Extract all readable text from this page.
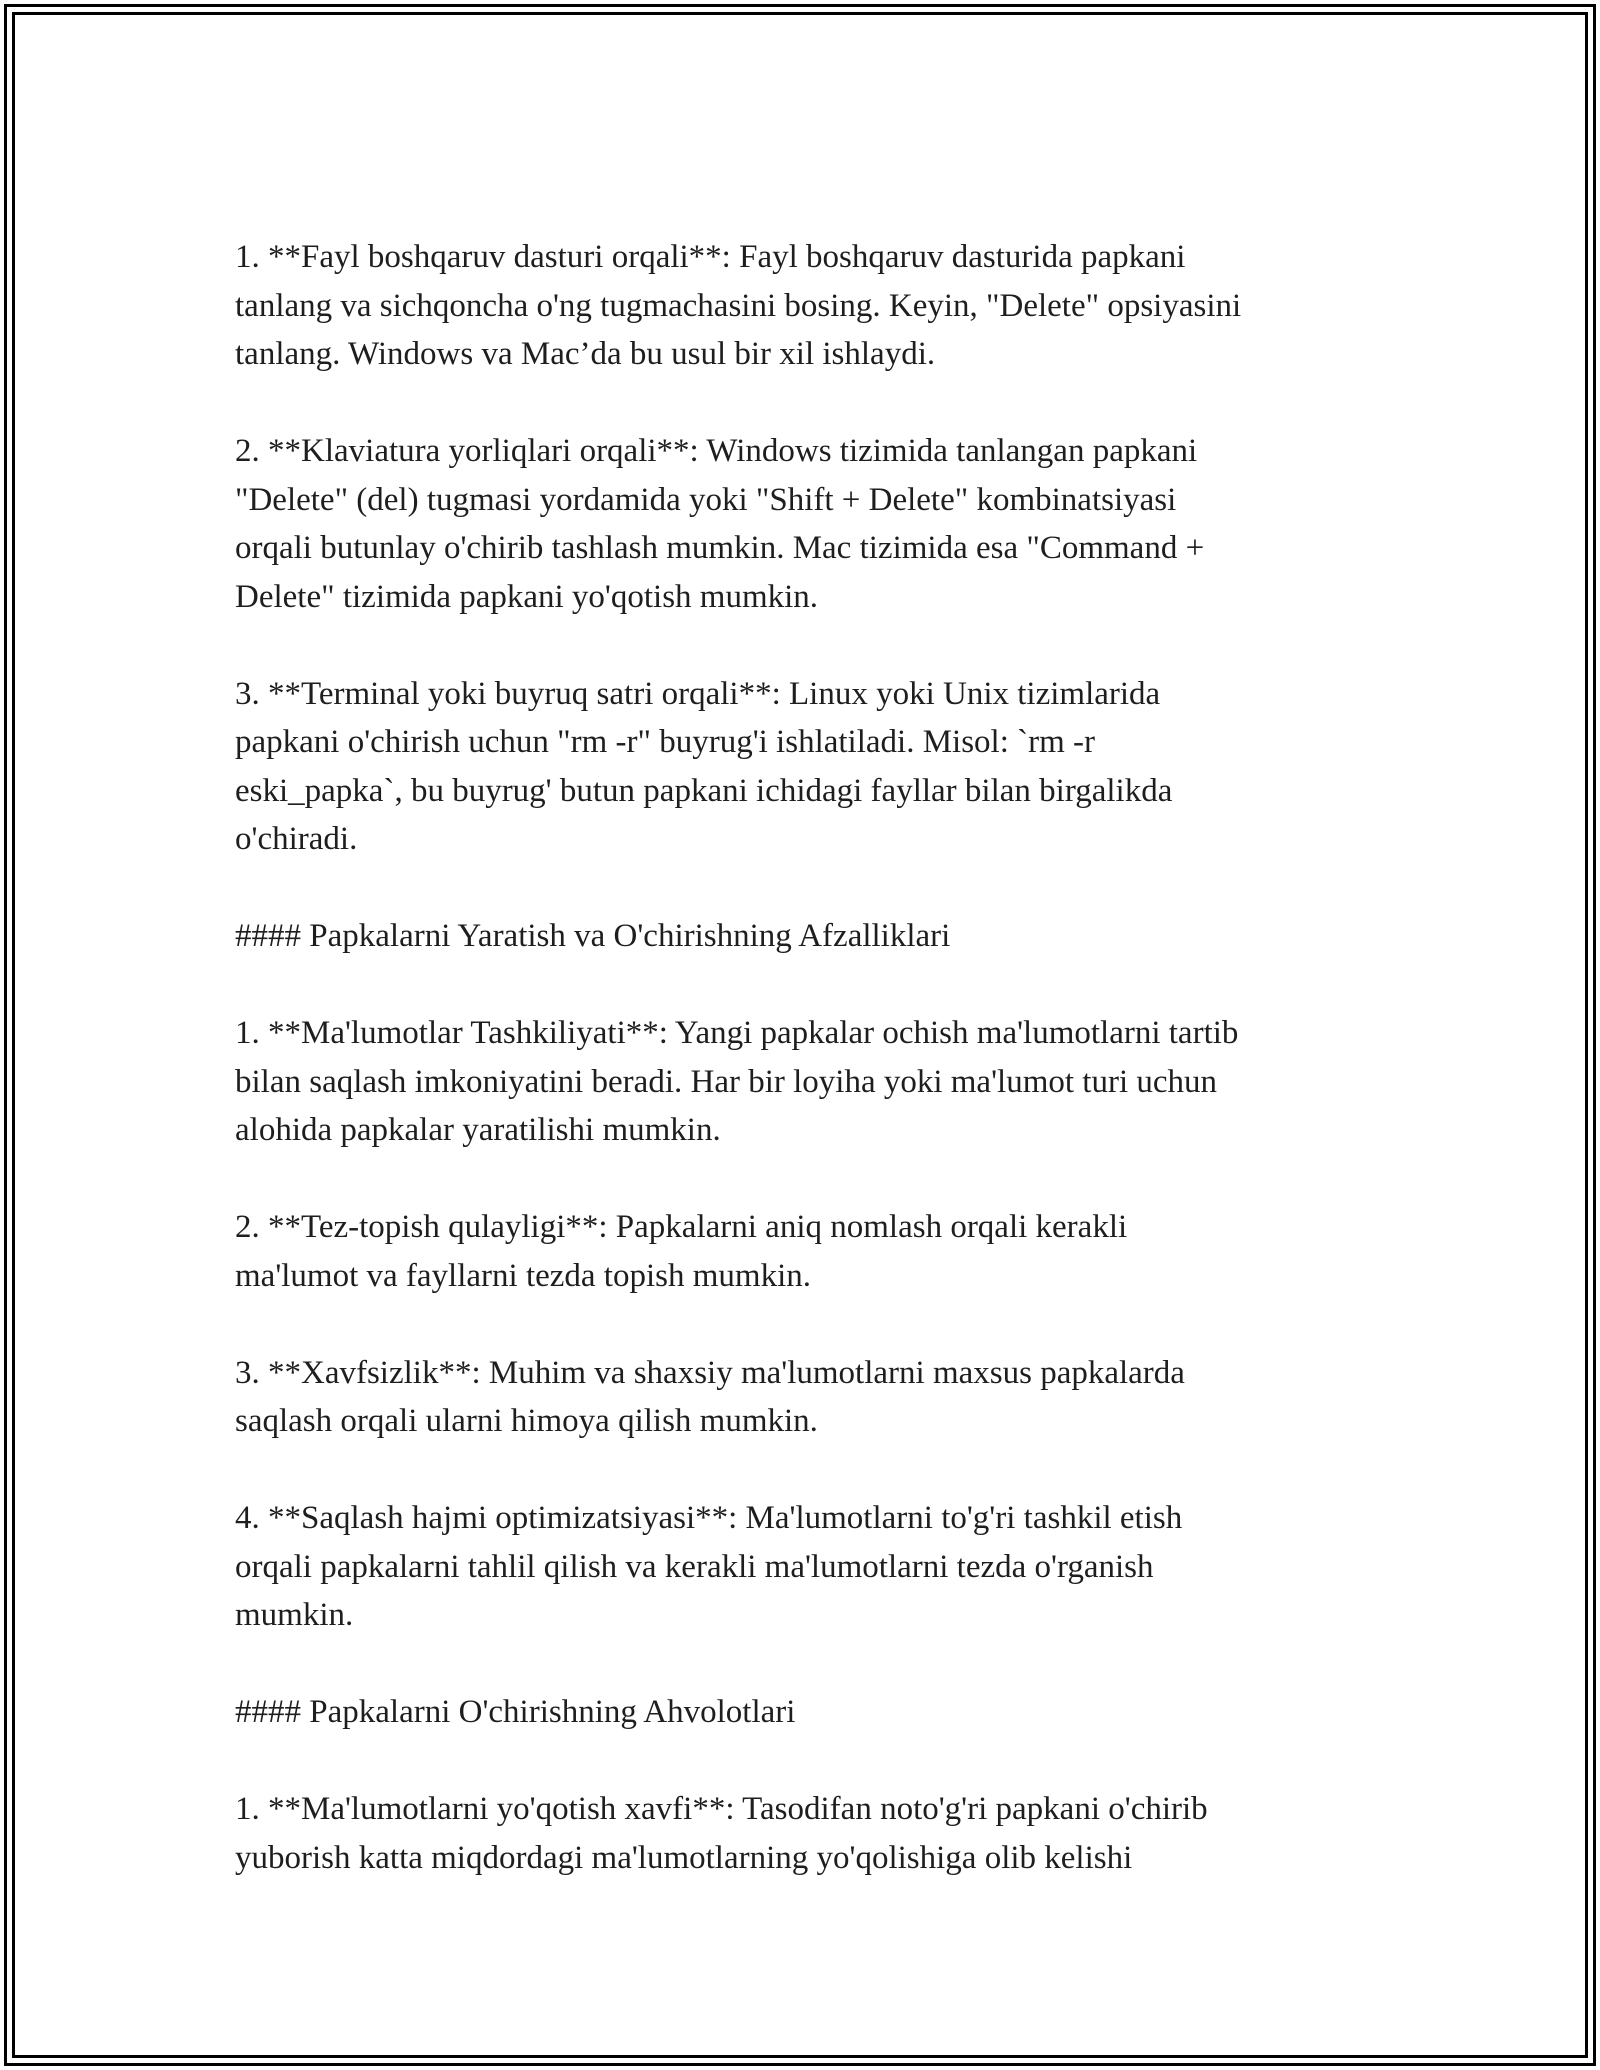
1. **Fayl boshqaruv dasturi orqali**: Fayl boshqaruv dasturida papkani
tanlang va sichqoncha o'ng tugmachasini bosing. Keyin, "Delete" opsiyasini
tanlang. Windows va Mac’da bu usul bir xil ishlaydi.

2. **Klaviatura yorliqlari orqali**: Windows tizimida tanlangan papkani
"Delete" (del) tugmasi yordamida yoki "Shift + Delete" kombinatsiyasi
orqali butunlay o'chirib tashlash mumkin. Mac tizimida esa "Command +
Delete" tizimida papkani yo'qotish mumkin.

3. **Terminal yoki buyruq satri orqali**: Linux yoki Unix tizimlarida
papkani o'chirish uchun "rm -r" buyrug'i ishlatiladi. Misol: `rm -r
eski_papka`, bu buyrug' butun papkani ichidagi fayllar bilan birgalikda
o'chiradi.

#### Papkalarni Yaratish va O'chirishning Afzalliklari

1. **Ma'lumotlar Tashkiliyati**: Yangi papkalar ochish ma'lumotlarni tartib
bilan saqlash imkoniyatini beradi. Har bir loyiha yoki ma'lumot turi uchun
alohida papkalar yaratilishi mumkin.

2. **Tez-topish qulayligi**: Papkalarni aniq nomlash orqali kerakli
ma'lumot va fayllarni tezda topish mumkin.

3. **Xavfsizlik**: Muhim va shaxsiy ma'lumotlarni maxsus papkalarda
saqlash orqali ularni himoya qilish mumkin.

4. **Saqlash hajmi optimizatsiyasi**: Ma'lumotlarni to'g'ri tashkil etish
orqali papkalarni tahlil qilish va kerakli ma'lumotlarni tezda o'rganish
mumkin.

#### Papkalarni O'chirishning Ahvolotlari

1. **Ma'lumotlarni yo'qotish xavfi**: Tasodifan noto'g'ri papkani o'chirib
yuborish katta miqdordagi ma'lumotlarning yo'qolishiga olib kelishi
